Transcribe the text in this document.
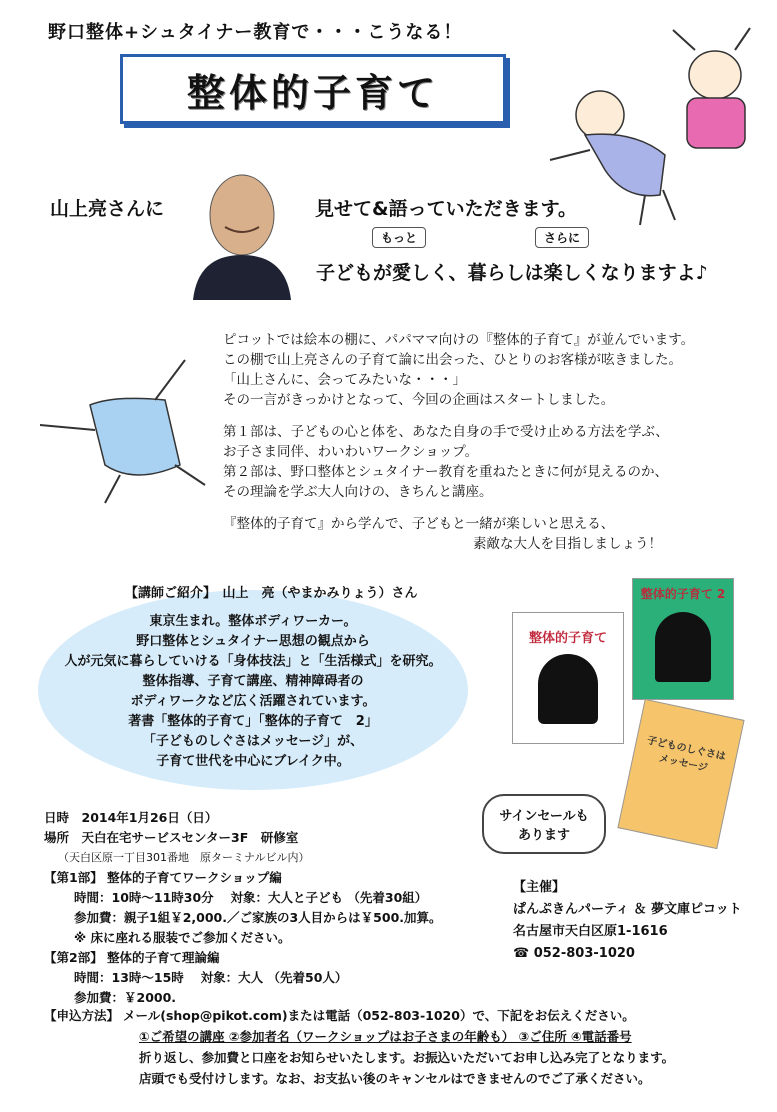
野口整体+シュタイナー教育で・・・こうなる！
整体的子育て
山上亮さんに	見せて&語っていただきます。
もっと	さらに
子どもが愛しく、暮らしは楽しくなりますよ♪

ピコットでは絵本の棚に、パパママ向けの『整体的子育て』が並んでいます。
この棚で山上亮さんの子育て論に出会った、ひとりのお客様が呟きました。
「山上さんに、会ってみたいな・・・」
その一言がきっかけとなって、今回の企画はスタートしました。

第１部は、子どもの心と体を、あなた自身の手で受け止める方法を学ぶ、
お子さま同伴、わいわいワークショップ。
第２部は、野口整体とシュタイナー教育を重ねたときに何が見えるのか、
その理論を学ぶ大人向けの、きちんと講座。

『整体的子育て』から学んで、子どもと一緒が楽しいと思える、
素敵な大人を目指しましょう！

【講師ご紹介】　山上　亮（やまかみりょう）さん
東京生まれ。整体ボディワーカー。
野口整体とシュタイナー思想の観点から
人が元気に暮らしていける「身体技法」と「生活様式」を研究。
整体指導、子育て講座、精神障碍者の
ボディワークなど広く活躍されています。
著書「整体的子育て」「整体的子育て　2」
「子どものしぐさはメッセージ」が、
子育て世代を中心にブレイク中。
整体的子育て
整体的子育て 2
子どものしぐさはメッセージ
サインセールも
あります
日時　2014年1月26日（日）
場所　天白在宅サービスセンター3F　研修室
（天白区原一丁目301番地　原ターミナルビル内）
【第1部】 整体的子育てワークショップ編
時間：10時～11時30分　 対象：大人と子ども （先着30組）
参加費：親子1組￥2,000.／ご家族の3人目からは￥500.加算。
※ 床に座れる服装でご参加ください。
【第2部】 整体的子育て理論編
時間：13時～15時　 対象：大人 （先着50人）
参加費：￥2000.
【主催】
ぱんぷきんパーティ ＆ 夢文庫ピコット
名古屋市天白区原1-1616
☎ 052-803-1020
【申込方法】 メール(shop@pikot.com)または電話（052-803-1020）で、下記をお伝えください。
①ご希望の講座 ②参加者名（ワークショップはお子さまの年齢も） ③ご住所 ④電話番号
折り返し、参加費と口座をお知らせいたします。お振込いただいてお申し込み完了となります。
店頭でも受付けします。なお、お支払い後のキャンセルはできませんのでご了承ください。
